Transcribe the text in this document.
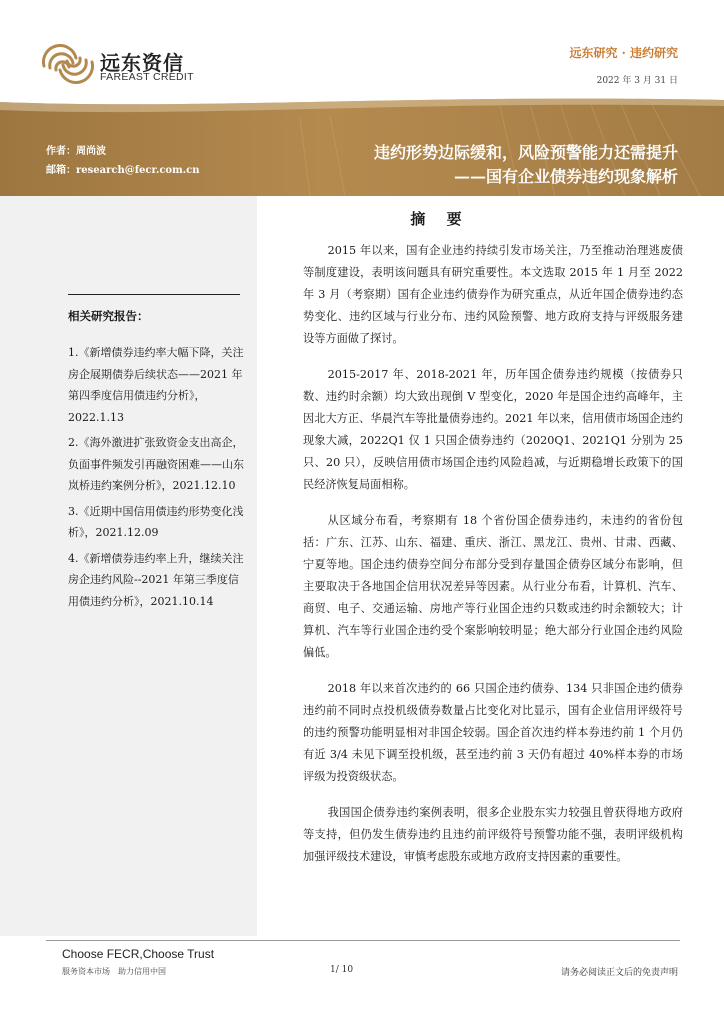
远东资信
FAREAST CREDIT
远东研究 · 违约研究
2022 年 3 月 31 日
作者：周尚波
邮箱：research@fecr.com.cn
违约形势边际缓和，风险预警能力还需提升
——国有企业债券违约现象解析
相关研究报告：
1.《新增债券违约率大幅下降，关注房企展期债券后续状态——2021 年第四季度信用债违约分析》，2022.1.13
2.《海外激进扩张致资金支出高企，负面事件频发引再融资困难——山东岚桥违约案例分析》，2021.12.10
3.《近期中国信用债违约形势变化浅析》，2021.12.09
4.《新增债券违约率上升，继续关注房企违约风险--2021 年第三季度信用债违约分析》，2021.10.14
摘 要

2015 年以来，国有企业违约持续引发市场关注，乃至推动治理逃废债等制度建设，表明该问题具有研究重要性。本文选取 2015 年 1 月至 2022 年 3 月（考察期）国有企业违约债券作为研究重点，从近年国企债券违约态势变化、违约区域与行业分布、违约风险预警、地方政府支持与评级服务建设等方面做了探讨。

2015-2017 年、2018-2021 年，历年国企债券违约规模（按债券只数、违约时余额）均大致出现倒 V 型变化，2020 年是国企违约高峰年，主因北大方正、华晨汽车等批量债券违约。2021 年以来，信用债市场国企违约现象大减，2022Q1 仅 1 只国企债券违约（2020Q1、2021Q1 分别为 25 只、20 只），反映信用债市场国企违约风险趋减，与近期稳增长政策下的国民经济恢复局面相称。

从区域分布看，考察期有 18 个省份国企债券违约，未违约的省份包括：广东、江苏、山东、福建、重庆、浙江、黑龙江、贵州、甘肃、西藏、宁夏等地。国企违约债券空间分布部分受到存量国企债券区域分布影响，但主要取决于各地国企信用状况差异等因素。从行业分布看，计算机、汽车、商贸、电子、交通运输、房地产等行业国企违约只数或违约时余额较大；计算机、汽车等行业国企违约受个案影响较明显；绝大部分行业国企违约风险偏低。

2018 年以来首次违约的 66 只国企违约债券、134 只非国企违约债券违约前不同时点投机级债券数量占比变化对比显示，国有企业信用评级符号的违约预警功能明显相对非国企较弱。国企首次违约样本券违约前 1 个月仍有近 3/4 未见下调至投机级，甚至违约前 3 天仍有超过 40%样本券的市场评级为投资级状态。

我国国企债券违约案例表明，很多企业股东实力较强且曾获得地方政府等支持，但仍发生债券违约且违约前评级符号预警功能不强，表明评级机构加强评级技术建设，审慎考虑股东或地方政府支持因素的重要性。

Choose FECR,Choose Trust
服务资本市场　助力信用中国	1/ 10	请务必阅读正文后的免责声明
